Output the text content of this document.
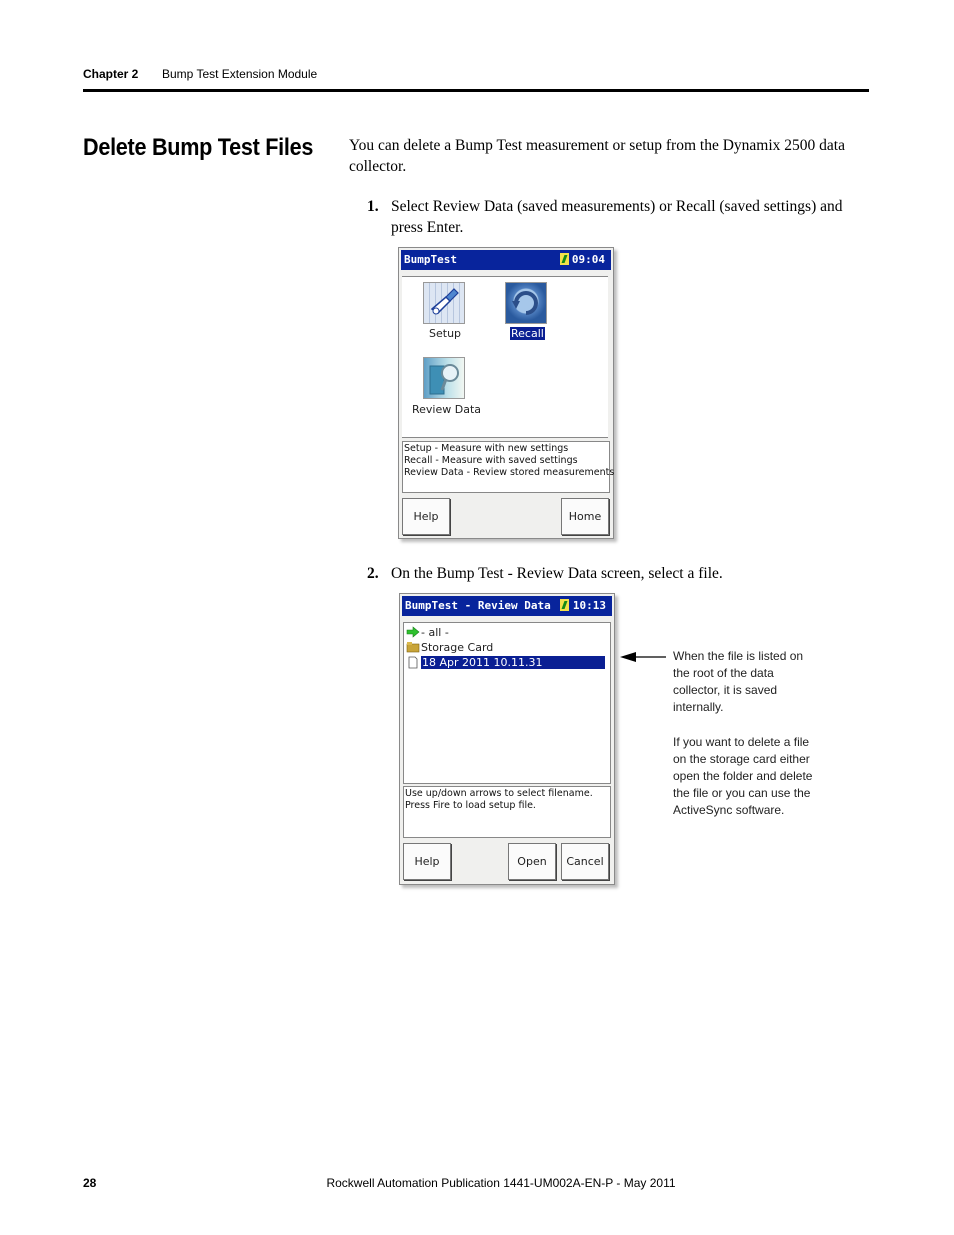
Chapter 2 Bump Test Extension Module
Delete Bump Test Files You can delete a Bump Test measurement or setup from the Dynamix 2500 data collector.
1. Select Review Data (saved measurements) or Recall (saved settings) and press Enter.
BumpTest	09:04
Setup	Recall
Review Data
Setup - Measure with new settings
Recall - Measure with saved settings
Review Data - Review stored measurements
Help	Home
2. On the Bump Test - Review Data screen, select a file.
BumpTest - Review Data 10:13
- all -
Storage Card
18 Apr 2011 10.11.31
Use up/down arrows to select filename.
Press Fire to load setup file.
Help	Open	Cancel
When the file is listed on
the root of the data
collector, it is saved
internally.
If you want to delete a file
on the storage card either
open the folder and delete
the file or you can use the
ActiveSync software.
28	Rockwell Automation Publication 1441-UM002A-EN-P - May 2011
